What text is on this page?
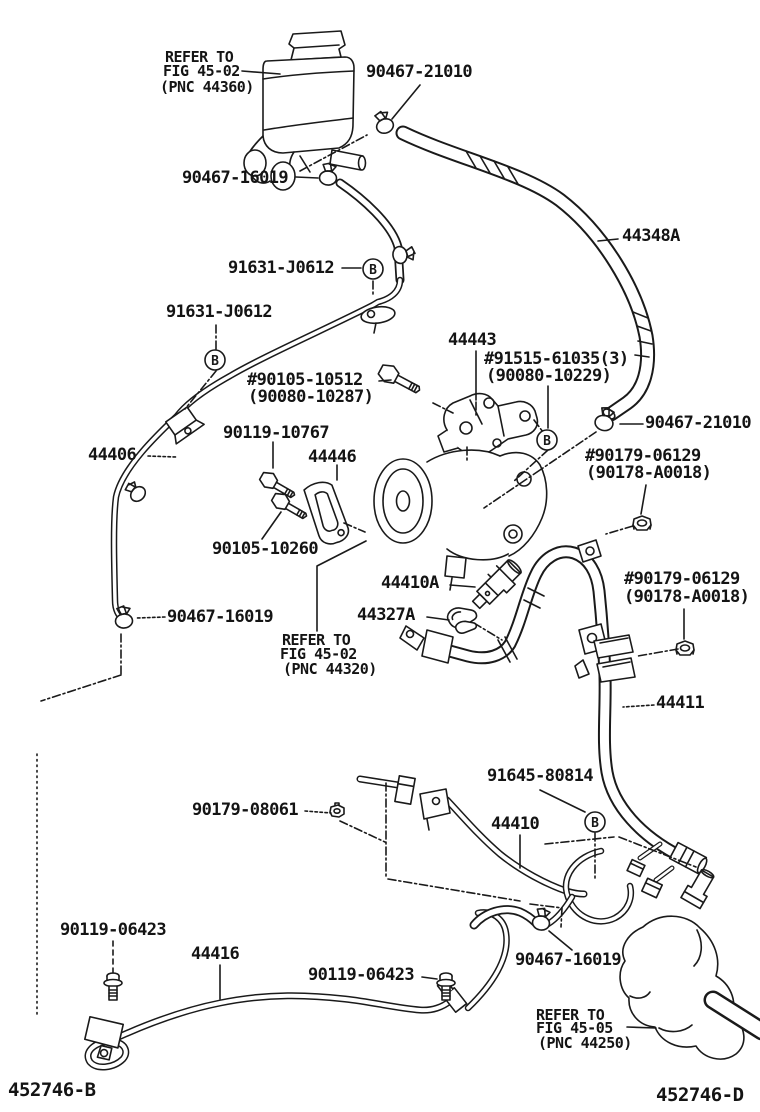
B
B
B
B
REFER TO
FIG 45-02
(PNC 44360)
90467-21010
90467-16019
44348A
91631-J0612
91631-J0612
44443
#91515-61035(3)
(90080-10229)
#90105-10512
(90080-10287)
90467-21010
90119-10767
44446
44406	#90179-06129
(90178-A0018)
90105-10260
44410A
44327A
90467-16019
REFER TO
FIG 45-02
(PNC 44320)
#90179-06129
(90178-A0018)
44411
91645-80814
90179-08061
44410
90119-06423
44416
90119-06423
90467-16019
REFER TO
FIG 45-05
(PNC 44250)
452746-B	452746-D
